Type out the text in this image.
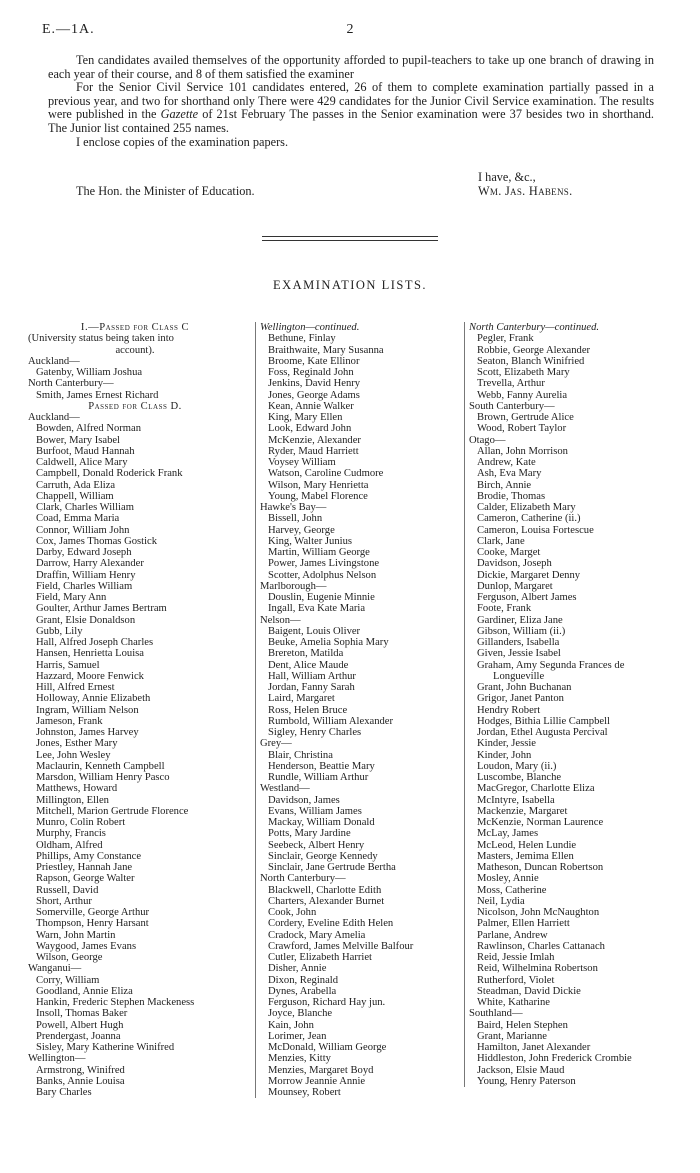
E.—1A.	2

Ten candidates availed themselves of the opportunity afforded to pupil-teachers to take up one branch of drawing in each year of their course, and 8 of them satisfied the examiner

For the Senior Civil Service 101 candidates entered, 26 of them to complete examination partially passed in a previous year, and two for shorthand only There were 429 candidates for the Junior Civil Service examination. The results were published in the Gazette of 21st February The passes in the Senior examination were 37 besides two in shorthand. The Junior list contained 255 names.

I enclose copies of the examination papers.

I have, &c.,
Wm. Jas. Habens.
The Hon. the Minister of Education.
EXAMINATION LISTS.
I.—Passed for Class C
(University status being taken into
account).
Auckland—
Gatenby, William Joshua
North Canterbury—
Smith, James Ernest Richard
Passed for Class D.
Auckland—
Bowden, Alfred Norman
Bower, Mary Isabel
Burfoot, Maud Hannah
Caldwell, Alice Mary
Campbell, Donald Roderick Frank
Carruth, Ada Eliza
Chappell, William
Clark, Charles William
Coad, Emma Maria
Connor, William John
Cox, James Thomas Gostick
Darby, Edward Joseph
Darrow, Harry Alexander
Draffin, William Henry
Field, Charles William
Field, Mary Ann
Goulter, Arthur James Bertram
Grant, Elsie Donaldson
Gubb, Lily
Hall, Alfred Joseph Charles
Hansen, Henrietta Louisa
Harris, Samuel
Hazzard, Moore Fenwick
Hill, Alfred Ernest
Holloway, Annie Elizabeth
Ingram, William Nelson
Jameson, Frank
Johnston, James Harvey
Jones, Esther Mary
Lee, John Wesley
Maclaurin, Kenneth Campbell
Marsdon, William Henry Pasco
Matthews, Howard
Millington, Ellen
Mitchell, Marion Gertrude Florence
Munro, Colin Robert
Murphy, Francis
Oldham, Alfred
Phillips, Amy Constance
Priestley, Hannah Jane
Rapson, George Walter
Russell, David
Short, Arthur
Somerville, George Arthur
Thompson, Henry Harsant
Warn, John Martin
Waygood, James Evans
Wilson, George
Wanganui—
Corry, William
Goodland, Annie Eliza
Hankin, Frederic Stephen Mackeness
Insoll, Thomas Baker
Powell, Albert Hugh
Prendergast, Joanna
Sisley, Mary Katherine Winifred
Wellington—
Armstrong, Winifred
Banks, Annie Louisa
Bary Charles
Wellington—continued.
Bethune, Finlay
Braithwaite, Mary Susanna
Broome, Kate Ellinor
Foss, Reginald John
Jenkins, David Henry
Jones, George Adams
Kean, Annie Walker
King, Mary Ellen
Look, Edward John
McKenzie, Alexander
Ryder, Maud Harriett
Voysey William
Watson, Caroline Cudmore
Wilson, Mary Henrietta
Young, Mabel Florence
Hawke's Bay—
Bissell, John
Harvey, George
King, Walter Junius
Martin, William George
Power, James Livingstone
Scotter, Adolphus Nelson
Marlborough—
Douslin, Eugenie Minnie
Ingall, Eva Kate Maria
Nelson—
Baigent, Louis Oliver
Beuke, Amelia Sophia Mary
Brereton, Matilda
Dent, Alice Maude
Hall, William Arthur
Jordan, Fanny Sarah
Laird, Margaret
Ross, Helen Bruce
Rumbold, William Alexander
Sigley, Henry Charles
Grey—
Blair, Christina
Henderson, Beattie Mary
Rundle, William Arthur
Westland—
Davidson, James
Evans, William James
Mackay, William Donald
Potts, Mary Jardine
Seebeck, Albert Henry
Sinclair, George Kennedy
Sinclair, Jane Gertrude Bertha
North Canterbury—
Blackwell, Charlotte Edith
Charters, Alexander Burnet
Cook, John
Cordery, Eveline Edith Helen
Cradock, Mary Amelia
Crawford, James Melville Balfour
Cutler, Elizabeth Harriet
Disher, Annie
Dixon, Reginald
Dynes, Arabella
Ferguson, Richard Hay jun.
Joyce, Blanche
Kain, John
Lorimer, Jean
McDonald, William George
Menzies, Kitty
Menzies, Margaret Boyd
Morrow Jeannie Annie
Mounsey, Robert
North Canterbury—continued.
Pegler, Frank
Robbie, George Alexander
Seaton, Blanch Winifried
Scott, Elizabeth Mary
Trevella, Arthur
Webb, Fanny Aurelia
South Canterbury—
Brown, Gertrude Alice
Wood, Robert Taylor
Otago—
Allan, John Morrison
Andrew, Kate
Ash, Eva Mary
Birch, Annie
Brodie, Thomas
Calder, Elizabeth Mary
Cameron, Catherine (ii.)
Cameron, Louisa Fortescue
Clark, Jane
Cooke, Marget
Davidson, Joseph
Dickie, Margaret Denny
Dunlop, Margaret
Ferguson, Albert James
Foote, Frank
Gardiner, Eliza Jane
Gibson, William (ii.)
Gillanders, Isabella
Given, Jessie Isabel
Graham, Amy Segunda Frances de
Longueville
Grant, John Buchanan
Grigor, Janet Panton
Hendry Robert
Hodges, Bithia Lillie Campbell
Jordan, Ethel Augusta Percival
Kinder, Jessie
Kinder, John
Loudon, Mary (ii.)
Luscombe, Blanche
MacGregor, Charlotte Eliza
McIntyre, Isabella
Mackenzie, Margaret
McKenzie, Norman Laurence
McLay, James
McLeod, Helen Lundie
Masters, Jemima Ellen
Matheson, Duncan Robertson
Mosley, Annie
Moss, Catherine
Neil, Lydia
Nicolson, John McNaughton
Palmer, Ellen Harriett
Parlane, Andrew
Rawlinson, Charles Cattanach
Reid, Jessie Imlah
Reid, Wilhelmina Robertson
Rutherford, Violet
Steadman, David Dickie
White, Katharine
Southland—
Baird, Helen Stephen
Grant, Marianne
Hamilton, Janet Alexander
Hiddleston, John Frederick Crombie
Jackson, Elsie Maud
Young, Henry Paterson
